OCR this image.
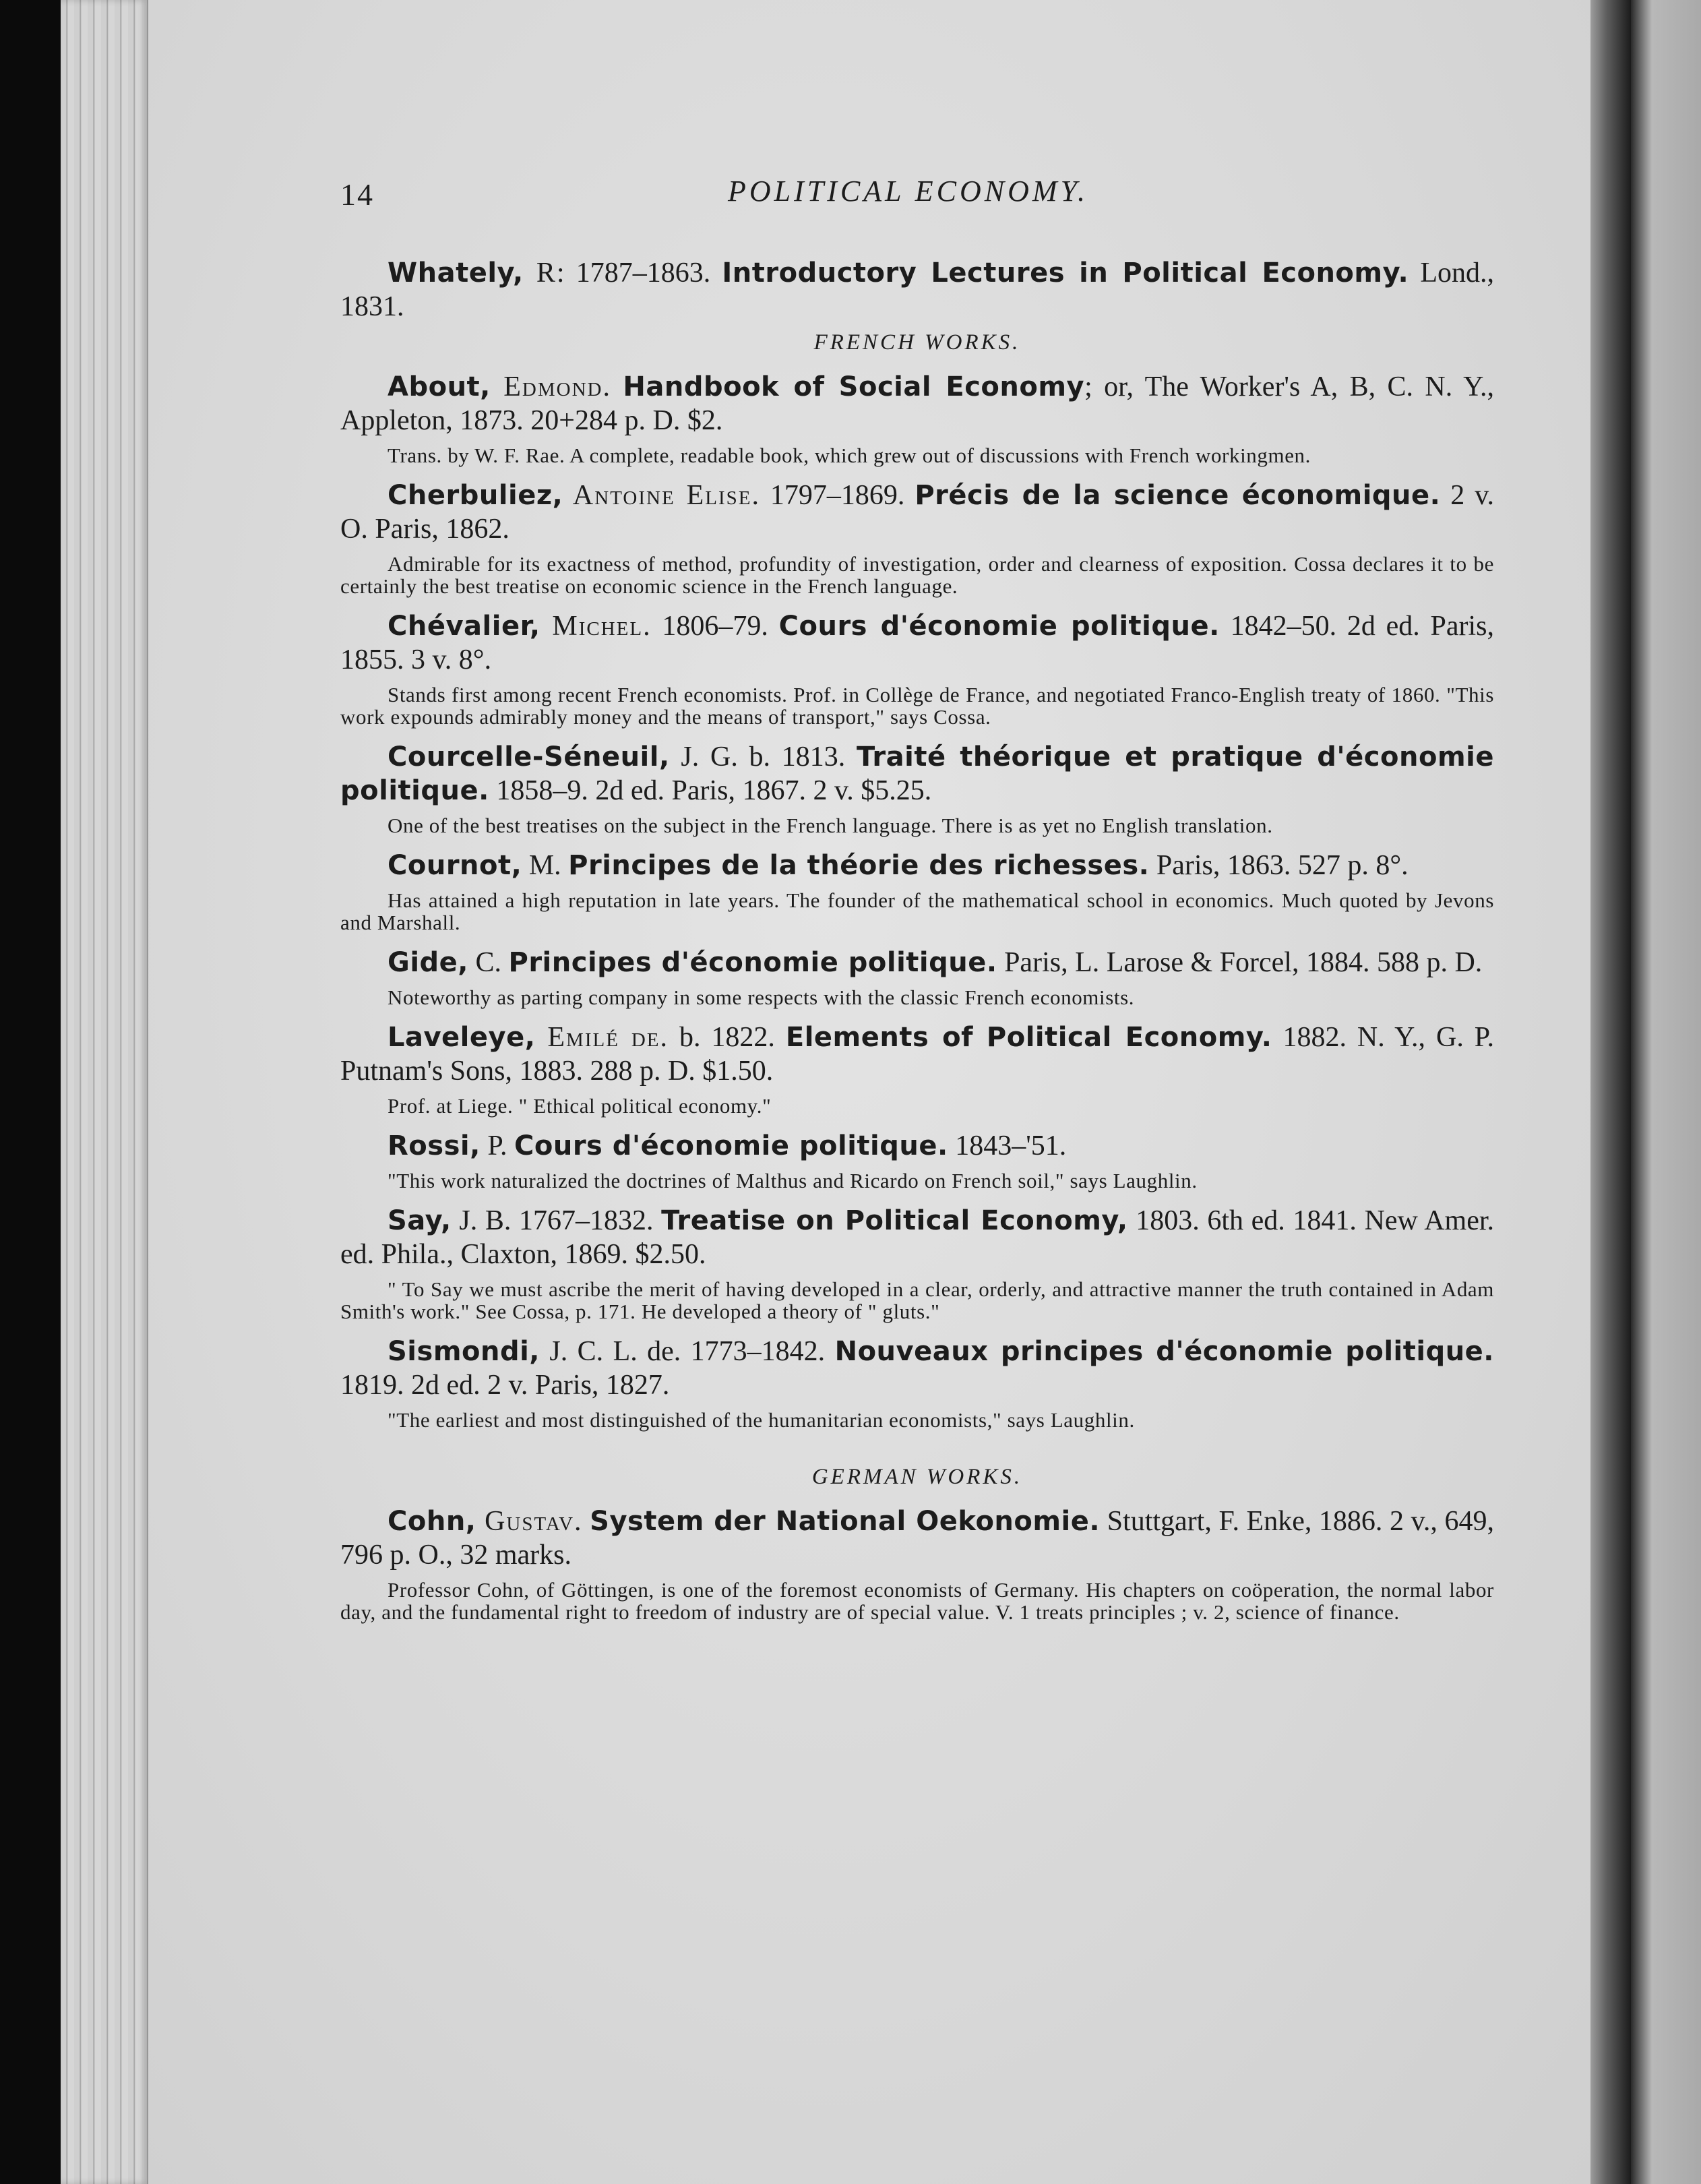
14	POLITICAL ECONOMY.

Whately, R: 1787–1863. Introductory Lectures in Political Economy. Lond., 1831.

FRENCH WORKS.

About, Edmond. Handbook of Social Economy; or, The Worker's A, B, C. N. Y., Appleton, 1873. 20+284 p. D. $2.

Trans. by W. F. Rae. A complete, readable book, which grew out of discussions with French workingmen.

Cherbuliez, Antoine Elise. 1797–1869. Précis de la science économique. 2 v. O. Paris, 1862.

Admirable for its exactness of method, profundity of investigation, order and clearness of exposition. Cossa declares it to be certainly the best treatise on economic science in the French language.

Chévalier, Michel. 1806–79. Cours d'économie politique. 1842–50. 2d ed. Paris, 1855. 3 v. 8°.

Stands first among recent French economists. Prof. in Collège de France, and negotiated Franco-English treaty of 1860. "This work expounds admirably money and the means of transport," says Cossa.

Courcelle-Séneuil, J. G. b. 1813. Traité théorique et pratique d'économie politique. 1858–9. 2d ed. Paris, 1867. 2 v. $5.25.

One of the best treatises on the subject in the French language. There is as yet no English translation.

Cournot, M. Principes de la théorie des richesses. Paris, 1863. 527 p. 8°.

Has attained a high reputation in late years. The founder of the mathematical school in economics. Much quoted by Jevons and Marshall.

Gide, C. Principes d'économie politique. Paris, L. Larose & Forcel, 1884. 588 p. D.

Noteworthy as parting company in some respects with the classic French economists.

Laveleye, Emilé de. b. 1822. Elements of Political Economy. 1882. N. Y., G. P. Putnam's Sons, 1883. 288 p. D. $1.50.

Prof. at Liege. " Ethical political economy."

Rossi, P. Cours d'économie politique. 1843–'51.

"This work naturalized the doctrines of Malthus and Ricardo on French soil," says Laughlin.

Say, J. B. 1767–1832. Treatise on Political Economy, 1803. 6th ed. 1841. New Amer. ed. Phila., Claxton, 1869. $2.50.

" To Say we must ascribe the merit of having developed in a clear, orderly, and attractive manner the truth contained in Adam Smith's work." See Cossa, p. 171. He developed a theory of " gluts."

Sismondi, J. C. L. de. 1773–1842. Nouveaux principes d'économie politique. 1819. 2d ed. 2 v. Paris, 1827.

"The earliest and most distinguished of the humanitarian economists," says Laughlin.

GERMAN WORKS.

Cohn, Gustav. System der National Oekonomie. Stuttgart, F. Enke, 1886. 2 v., 649, 796 p. O., 32 marks.

Professor Cohn, of Göttingen, is one of the foremost economists of Germany. His chapters on coöperation, the normal labor day, and the fundamental right to freedom of industry are of special value. V. 1 treats principles ; v. 2, science of finance.
